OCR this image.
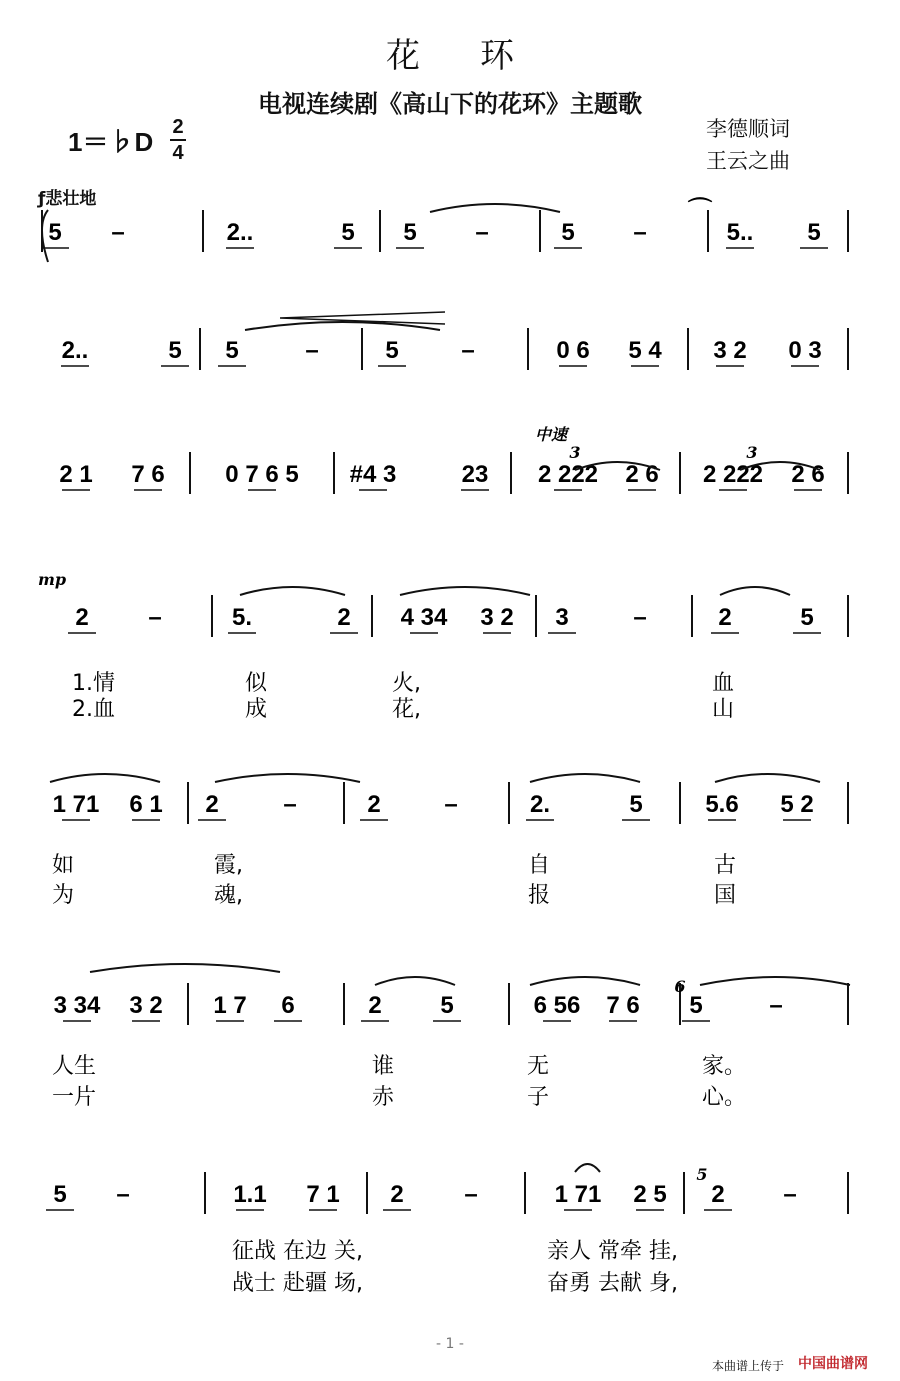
花环
电视连续剧《高山下的花环》主题歌
1＝♭D 2
4
李德顺词
王云之曲
ƒ悲壮地
5 –	2..	5 5 –	5 –	5.. 5
2..	5 5	–	5	–	0 6 5 4 3 2 0 3
2 1 7 6	0 7 6 5 #4 3	23 2 222 2 6 2 222 2 6
2 –	5.	2 4 34 3 2 3	–	2	5
1 71 6 1 2	–	2	–	2.	5	5.6 5 2
3 34 3 2 1 7 6	2 5	6 56 7 6 5	–
5 –	1.1 7 1 2	–	1 71 2 5 2 –
⌒
mp
中速
3	3
6
5
1.情	似	火,	血
2.血	成	花,	山
如	霞,	自	古
为	魂,	报	国
人生	谁	无	家。
一片	赤	子	心。
征战 在边 关,	亲人 常牵 挂,
战士 赴疆 场,	奋勇 去献 身,
- 1 -
本曲谱上传于 中国曲谱网
